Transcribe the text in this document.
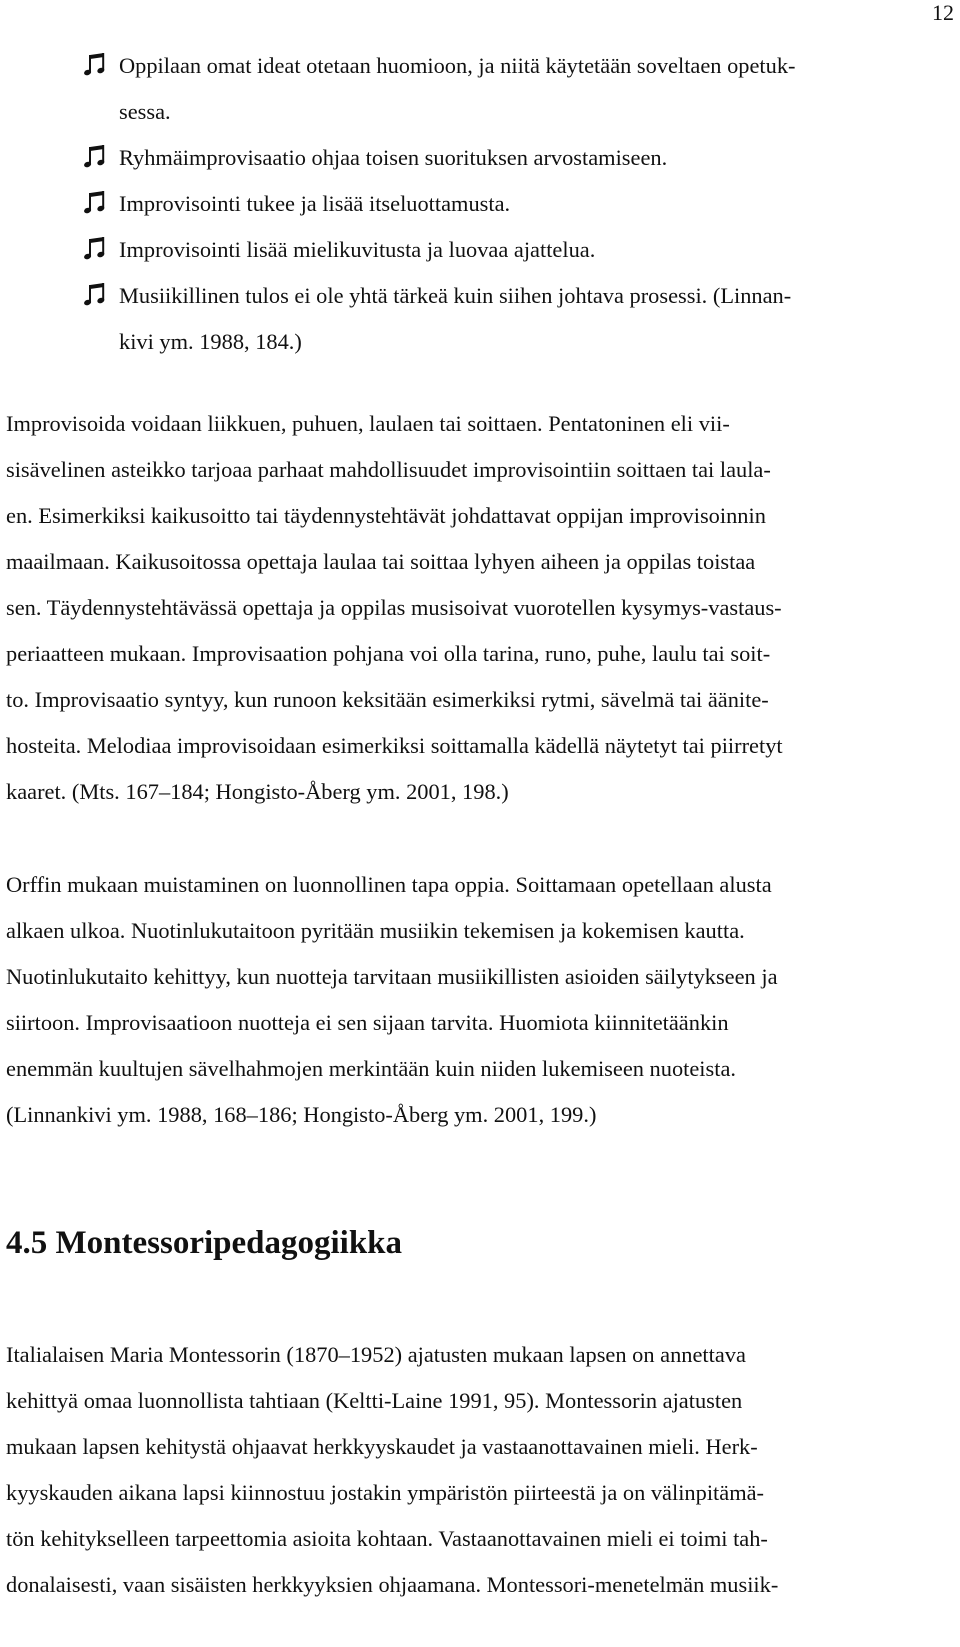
12
Oppilaan omat ideat otetaan huomioon, ja niitä käytetään soveltaen opetuk-
sessa.
Ryhmäimprovisaatio ohjaa toisen suorituksen arvostamiseen.
Improvisointi tukee ja lisää itseluottamusta.
Improvisointi lisää mielikuvitusta ja luovaa ajattelua.
Musiikillinen tulos ei ole yhtä tärkeä kuin siihen johtava prosessi. (Linnan-
kivi ym. 1988, 184.)
Improvisoida voidaan liikkuen, puhuen, laulaen tai soittaen. Pentatoninen eli vii-
sisävelinen asteikko tarjoaa parhaat mahdollisuudet improvisointiin soittaen tai laula-
en. Esimerkiksi kaikusoitto tai täydennystehtävät johdattavat oppijan improvisoinnin
maailmaan. Kaikusoitossa opettaja laulaa tai soittaa lyhyen aiheen ja oppilas toistaa
sen. Täydennystehtävässä opettaja ja oppilas musisoivat vuorotellen kysymys-vastaus-
periaatteen mukaan. Improvisaation pohjana voi olla tarina, runo, puhe, laulu tai soit-
to. Improvisaatio syntyy, kun runoon keksitään esimerkiksi rytmi, sävelmä tai äänite-
hosteita. Melodiaa improvisoidaan esimerkiksi soittamalla kädellä näytetyt tai piirretyt
kaaret. (Mts. 167–184; Hongisto-Åberg ym. 2001, 198.)
Orffin mukaan muistaminen on luonnollinen tapa oppia. Soittamaan opetellaan alusta
alkaen ulkoa. Nuotinlukutaitoon pyritään musiikin tekemisen ja kokemisen kautta.
Nuotinlukutaito kehittyy, kun nuotteja tarvitaan musiikillisten asioiden säilytykseen ja
siirtoon. Improvisaatioon nuotteja ei sen sijaan tarvita. Huomiota kiinnitetäänkin
enemmän kuultujen sävelhahmojen merkintään kuin niiden lukemiseen nuoteista.
(Linnankivi ym. 1988, 168–186; Hongisto-Åberg ym. 2001, 199.)
4.5 Montessoripedagogiikka
Italialaisen Maria Montessorin (1870–1952) ajatusten mukaan lapsen on annettava
kehittyä omaa luonnollista tahtiaan (Keltti-Laine 1991, 95). Montessorin ajatusten
mukaan lapsen kehitystä ohjaavat herkkyyskaudet ja vastaanottavainen mieli. Herk-
kyyskauden aikana lapsi kiinnostuu jostakin ympäristön piirteestä ja on välinpitämä-
tön kehitykselleen tarpeettomia asioita kohtaan. Vastaanottavainen mieli ei toimi tah-
donalaisesti, vaan sisäisten herkkyyksien ohjaamana. Montessori-menetelmän musiik-
